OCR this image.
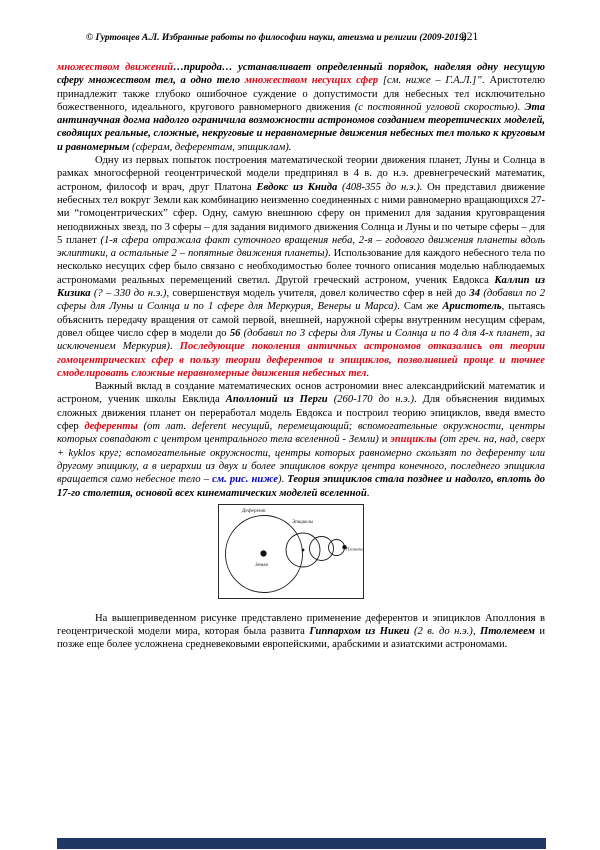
© Гуртовцев А.Л. Избранные работы по философии науки, атеизма и религии (2009-2019)
221

множеством движений…природа… устанавливает определенный порядок, наделяя одну несущую сферу множеством тел, а одно тело множеством несущих сфер [см. ниже – Г.А.Л.]”. Аристотелю принадлежит также глубоко ошибочное суждение о допустимости для небесных тел исключительно божественного, идеального, кругового равномерного движения (с постоянной угловой скоростью). Эта антинаучная догма надолго ограничила возможности астрономов созданием теоретических моделей, сводящих реальные, сложные, некруговые и неравномерные движения небесных тел только к круговым и равномерным (сферам, деферентам, эпициклам).

Одну из первых попыток построения математической теории движения планет, Луны и Солнца в рамках многосферной геоцентрической модели предпринял в 4 в. до н.э. древнегреческий математик, астроном, философ и врач, друг Платона Евдокс из Книда (408-355 до н.э.). Он представил движение небесных тел вокруг Земли как комбинацию неизменно соединенных с ними равномерно вращающихся 27-ми “гомоцентрических” сфер. Одну, самую внешнюю сферу он применил для задания круговращения неподвижных звезд, по 3 сферы – для задания видимого движения Солнца и Луны и по четыре сферы – для 5 планет (1-я сфера отражала факт суточного вращения неба, 2-я – годового движения планеты вдоль эклиптики, а остальные 2 – попятные движения планеты). Использование для каждого небесного тела по несколько несущих сфер было связано с необходимостью более точного описания моделью наблюдаемых астрономами реальных перемещений светил. Другой греческий астроном, ученик Евдокса Каллип из Кизика (? – 330 до н.э.), совершенствуя модель учителя, довел количество сфер в ней до 34 (добавил по 2 сферы для Луны и Солнца и по 1 сфере для Меркурия, Венеры и Марса). Сам же Аристотель, пытаясь объяснить передачу вращения от самой первой, внешней, наружной сферы внутренним несущим сферам, довел общее число сфер в модели до 56 (добавил по 3 сферы для Луны и Солнца и по 4 для 4-х планет, за исключением Меркурия). Последующие поколения античных астрономов отказались от теории гомоцентрических сфер в пользу теории деферентов и эпициклов, позволившей проще и точнее смоделировать сложные неравномерные движения небесных тел.

Важный вклад в создание математических основ астрономии внес александрийский математик и астроном, ученик школы Евклида Аполлоний из Перги (260-170 до н.э.). Для объяснения видимых сложных движения планет он переработал модель Евдокса и построил теорию эпициклов, введя вместо сфер деференты (от лат. deferent несущий, перемещающий; вспомогательные окружности, центры которых совпадают с центром центрального тела вселенной - Земли) и эпициклы (от греч. на, над, сверх + kyklos круг; вспомогательные окружности, центры которых равномерно скользят по деференту или другому эпициклу, а в иерархии из двух и более эпициклов вокруг центра конечного, последнего эпицикла вращается само небесное тело – см. рис. ниже). Теория эпициклов стала позднее и надолго, вплоть до 17-го столетия, основой всех кинематических моделей вселенной.

Деферент
Эпициклы
Земля
Планета

На вышеприведенном рисунке представлено применение деферентов и эпициклов Аполлония в геоцентрической модели мира, которая была развита Гиппархом из Никеи (2 в. до н.э.), Птолемеем и позже еще более усложнена средневековыми европейскими, арабскими и азиатскими астрономами.
